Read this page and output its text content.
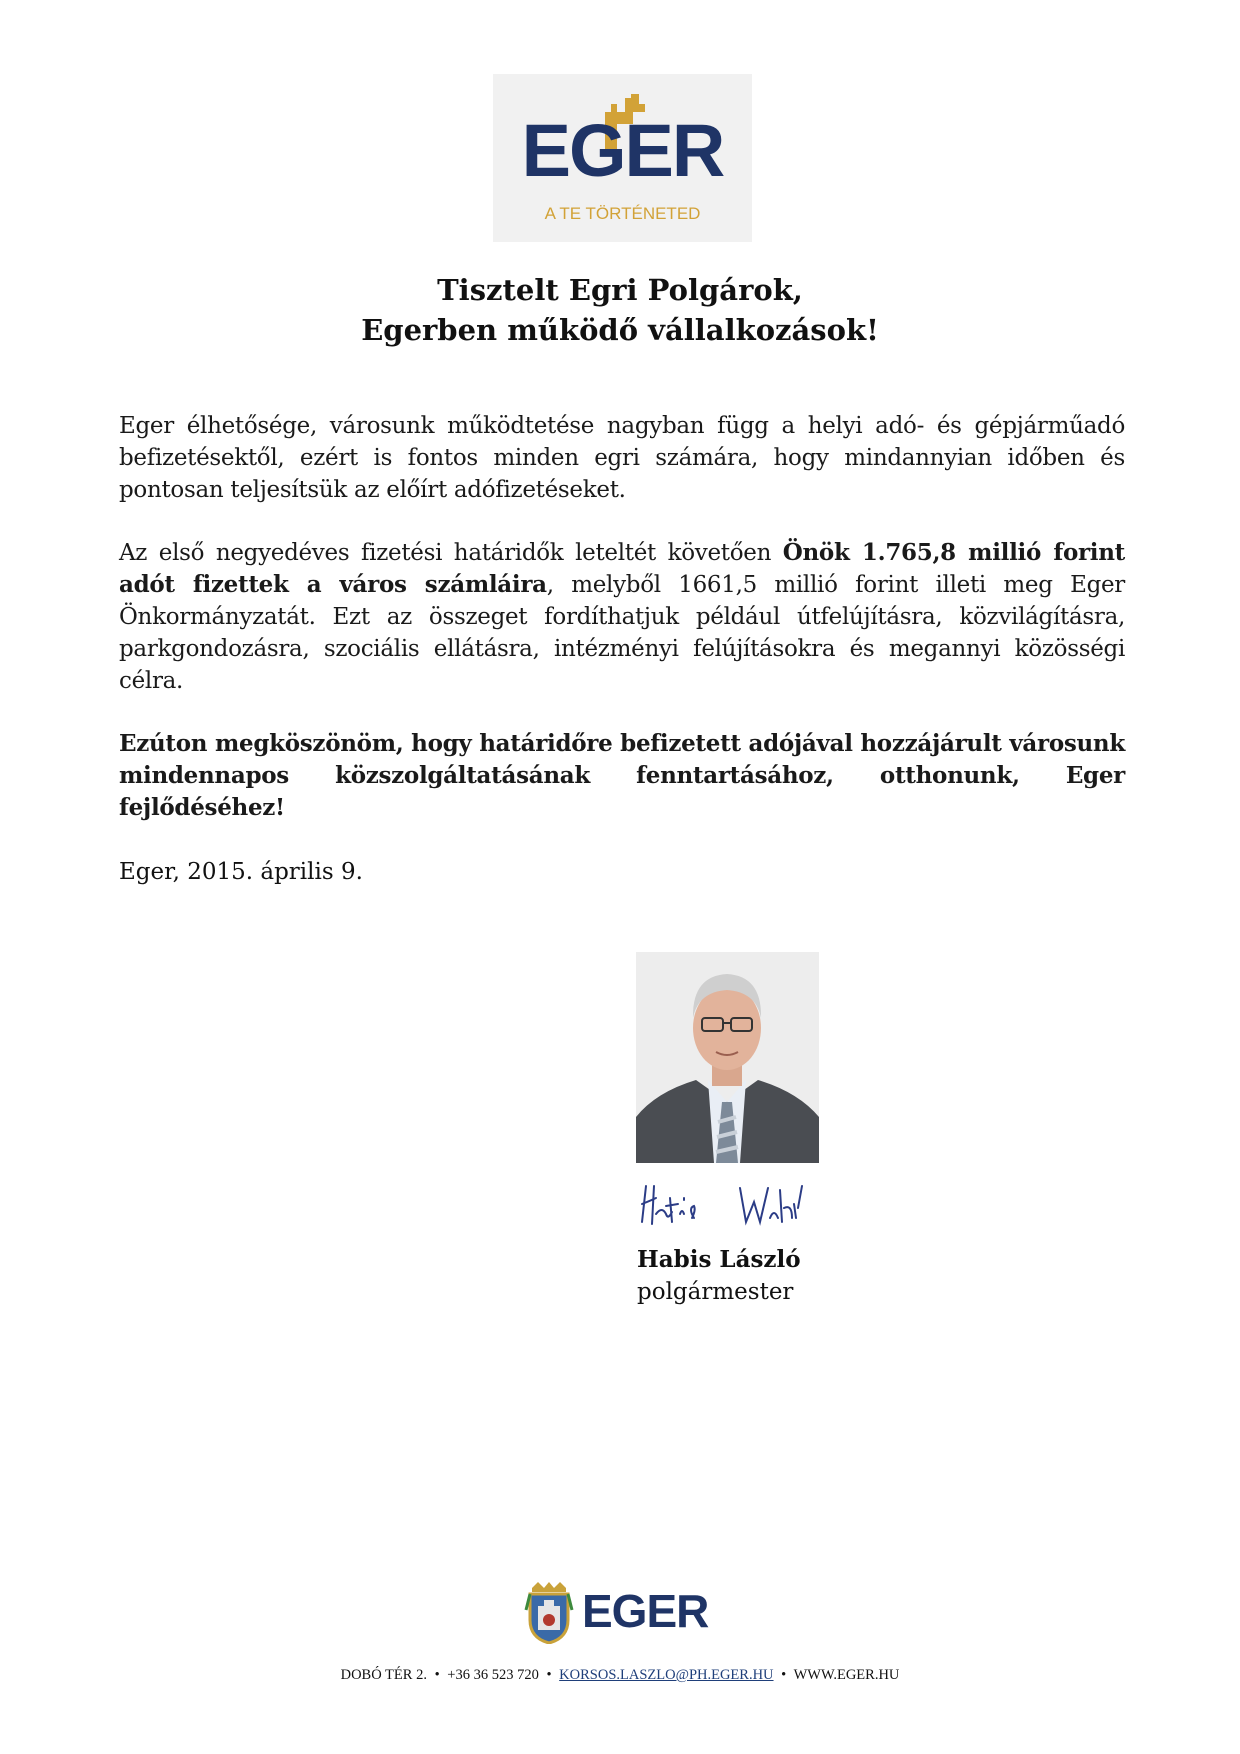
EGER
A TE TÖRTÉNETED
Tisztelt Egri Polgárok,
Egerben működő vállalkozások!
Eger élhetősége, városunk működtetése nagyban függ a helyi adó- és gépjárműadó befizetésektől, ezért is fontos minden egri számára, hogy mindannyian időben és pontosan teljesítsük az előírt adófizetéseket.
Az első negyedéves fizetési határidők leteltét követően Önök 1.765,8 millió forint adót fizettek a város számláira, melyből 1661,5 millió forint illeti meg Eger Önkormányzatát. Ezt az összeget fordíthatjuk például útfelújításra, közvilágításra, parkgondozásra, szociális ellátásra, intézményi felújításokra és megannyi közösségi célra.
Ezúton megköszönöm, hogy határidőre befizetett adójával hozzájárult városunk mindennapos közszolgáltatásának fenntartásához, otthonunk, Eger fejlődéséhez!
Eger, 2015. április 9.
Habis László
polgármester
EGER
DOBÓ TÉR 2. • +36 36 523 720 • KORSOS.LASZLO@PH.EGER.HU • WWW.EGER.HU
